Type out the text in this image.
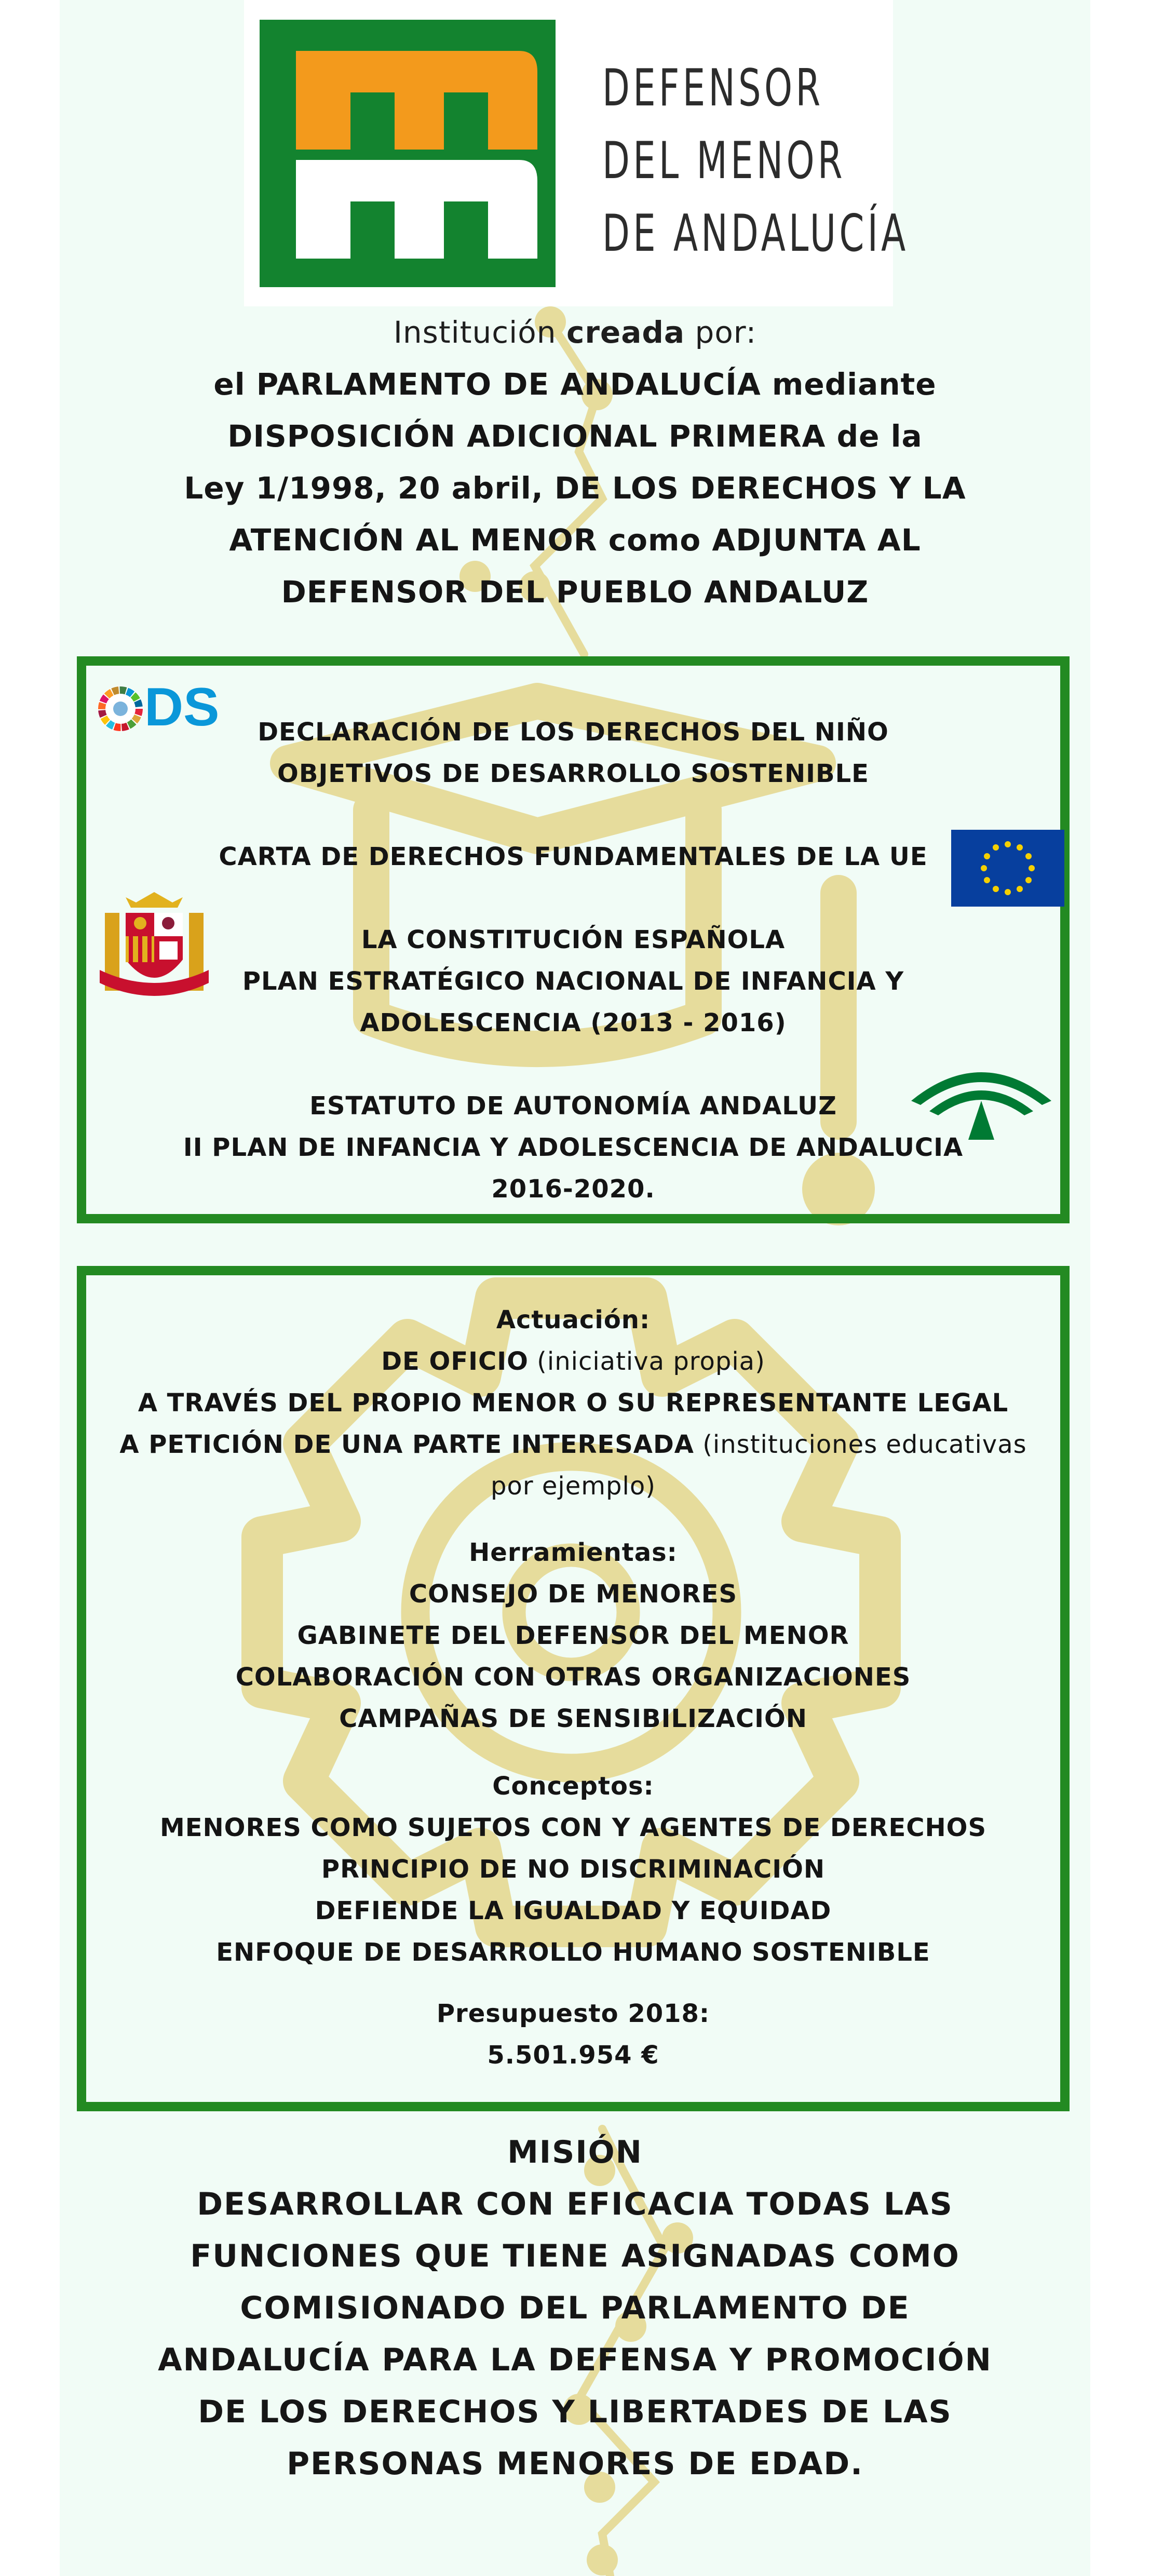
DEFENSOR
DEL MENOR
DE ANDALUCÍA
Institución creada por:
el PARLAMENTO DE ANDALUCÍA mediante
DISPOSICIÓN ADICIONAL PRIMERA de la
Ley 1/1998, 20 abril, DE LOS DERECHOS Y LA
ATENCIÓN AL MENOR como ADJUNTA AL
DEFENSOR DEL PUEBLO ANDALUZ
DS	DECLARACIÓN DE LOS DERECHOS DEL NIÑO
OBJETIVOS DE DESARROLLO SOSTENIBLE
CARTA DE DERECHOS FUNDAMENTALES DE LA UE
LA CONSTITUCIÓN ESPAÑOLA
PLAN ESTRATÉGICO NACIONAL DE INFANCIA Y
ADOLESCENCIA (2013 - 2016)
ESTATUTO DE AUTONOMÍA ANDALUZ
II PLAN DE INFANCIA Y ADOLESCENCIA DE ANDALUCIA
2016-2020.
Actuación:
DE OFICIO (iniciativa propia)
A TRAVÉS DEL PROPIO MENOR O SU REPRESENTANTE LEGAL
A PETICIÓN DE UNA PARTE INTERESADA (instituciones educativas
por ejemplo)
Herramientas:
CONSEJO DE MENORES
GABINETE DEL DEFENSOR DEL MENOR
COLABORACIÓN CON OTRAS ORGANIZACIONES
CAMPAÑAS DE SENSIBILIZACIÓN
Conceptos:
MENORES COMO SUJETOS CON Y AGENTES DE DERECHOS
PRINCIPIO DE NO DISCRIMINACIÓN
DEFIENDE LA IGUALDAD Y EQUIDAD
ENFOQUE DE DESARROLLO HUMANO SOSTENIBLE
Presupuesto 2018:
5.501.954 €
MISIÓN
DESARROLLAR CON EFICACIA TODAS LAS
FUNCIONES QUE TIENE ASIGNADAS COMO
COMISIONADO DEL PARLAMENTO DE
ANDALUCÍA PARA LA DEFENSA Y PROMOCIÓN
DE LOS DERECHOS Y LIBERTADES DE LAS
PERSONAS MENORES DE EDAD.
